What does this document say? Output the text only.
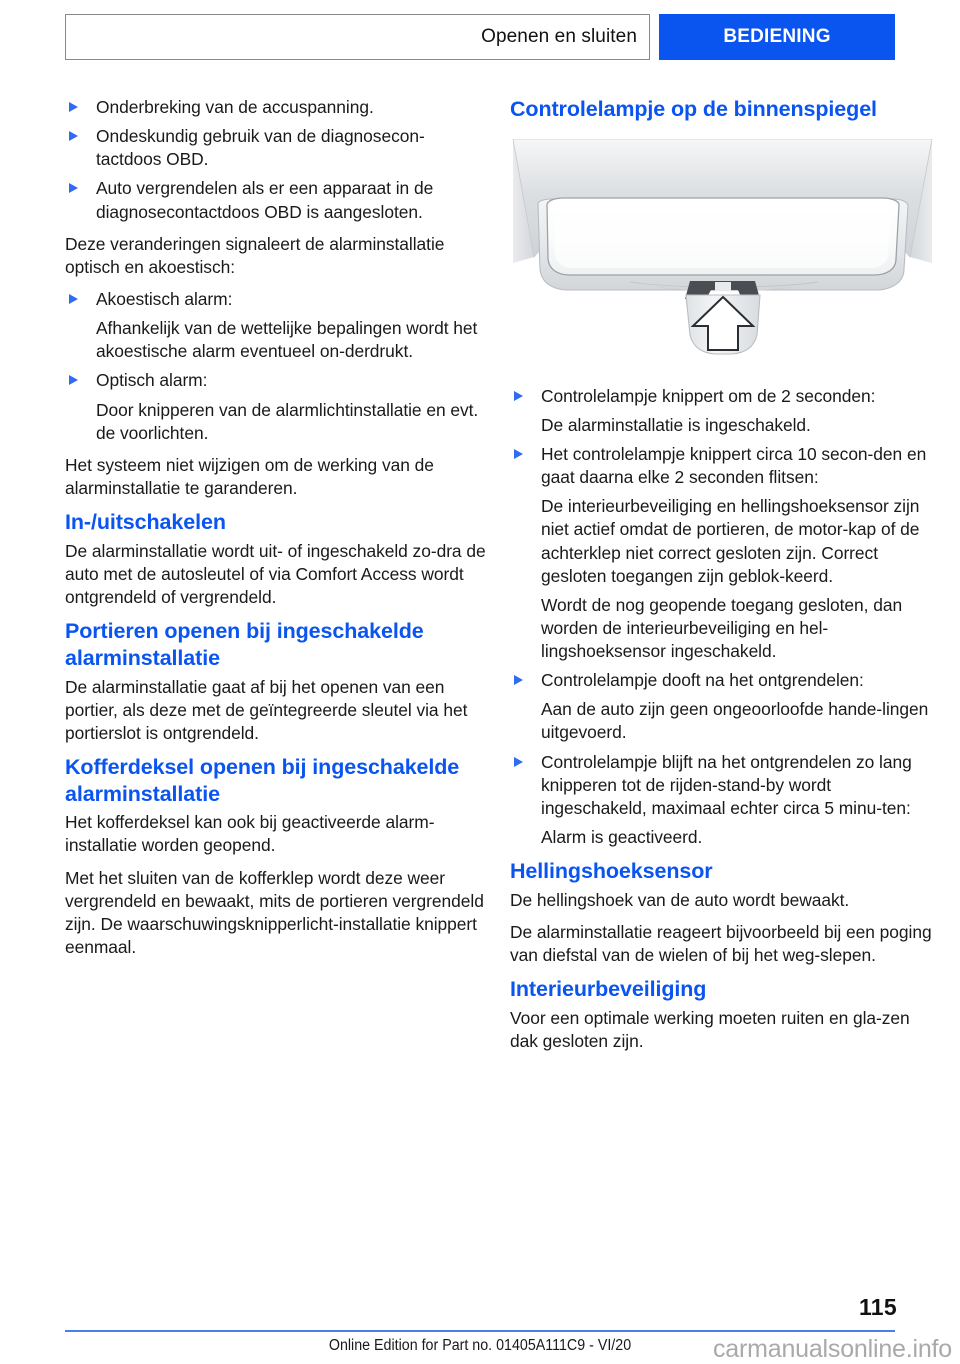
Openen en sluiten	BEDIENING
Onderbreking van de accuspanning.
Ondeskundig gebruik van de diagnosecon‐tactdoos OBD.
Auto vergrendelen als er een apparaat in de diagnosecontactdoos OBD is aangesloten.

Deze veranderingen signaleert de alarminstallatie optisch en akoestisch:

Akoestisch alarm:
Afhankelijk van de wettelijke bepalingen wordt het akoestische alarm eventueel on‐derdrukt.
Optisch alarm:
Door knipperen van de alarmlichtinstallatie en evt. de voorlichten.

Het systeem niet wijzigen om de werking van de alarminstallatie te garanderen.

In-/uitschakelen

De alarminstallatie wordt uit- of ingeschakeld zo‐dra de auto met de autosleutel of via Comfort Access wordt ontgrendeld of vergrendeld.

Portieren openen bij ingeschakelde alarminstallatie

De alarminstallatie gaat af bij het openen van een portier, als deze met de geïntegreerde sleutel via het portierslot is ontgrendeld.

Kofferdeksel openen bij ingeschakelde alarminstallatie

Het kofferdeksel kan ook bij geactiveerde alarm‐installatie worden geopend.

Met het sluiten van de kofferklep wordt deze weer vergrendeld en bewaakt, mits de portieren vergrendeld zijn. De waarschuwingsknipperlicht‐installatie knippert eenmaal.

Controlelampje op de binnenspiegel
Controlelampje knippert om de 2 seconden:
De alarminstallatie is ingeschakeld.
Het controlelampje knippert circa 10 secon‐den en gaat daarna elke 2 seconden flitsen:
De interieurbeveiliging en hellingshoeksensor zijn niet actief omdat de portieren, de motor‐kap of de achterklep niet correct gesloten zijn. Correct gesloten toegangen zijn geblok‐keerd.
Wordt de nog geopende toegang gesloten, dan worden de interieurbeveiliging en hel‐lingshoeksensor ingeschakeld.
Controlelampje dooft na het ontgrendelen:
Aan de auto zijn geen ongeoorloofde hande‐lingen uitgevoerd.
Controlelampje blijft na het ontgrendelen zo lang knipperen tot de rijden-stand-by wordt ingeschakeld, maximaal echter circa 5 minu‐ten:
Alarm is geactiveerd.
Hellingshoeksensor

De hellingshoek van de auto wordt bewaakt.

De alarminstallatie reageert bijvoorbeeld bij een poging van diefstal van de wielen of bij het weg‐slepen.

Interieurbeveiliging

Voor een optimale werking moeten ruiten en gla‐zen dak gesloten zijn.

115
Online Edition for Part no. 01405A111C9 - VI/20	carmanualsonline.info
